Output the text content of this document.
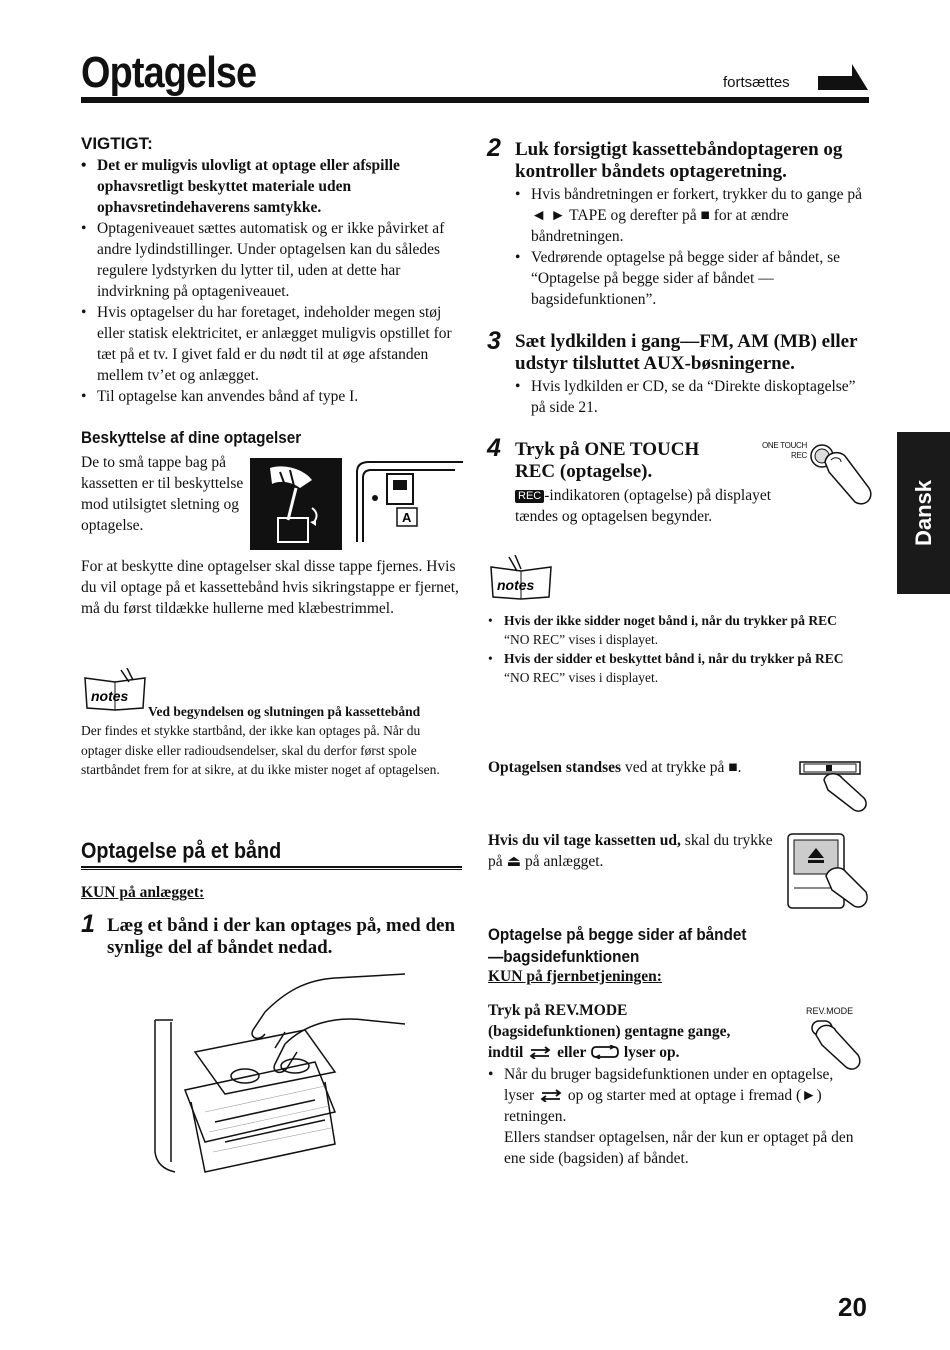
Optagelse	fortsættes
Dansk
VIGTIGT:
• Det er muligvis ulovligt at optage eller afspille ophavsretligt beskyttet materiale uden ophavsretindehaverens samtykke.
• Optageniveauet sættes automatisk og er ikke påvirket af andre lydindstillinger. Under optagelsen kan du således regulere lydstyrken du lytter til, uden at dette har indvirkning på optageniveauet.
• Hvis optagelser du har foretaget, indeholder megen støj eller statisk elektricitet, er anlægget muligvis opstillet for tæt på et tv. I givet fald er du nødt til at øge afstanden mellem tv’et og anlægget.
• Til optagelse kan anvendes bånd af type I.
Beskyttelse af dine optagelser
De to små tappe bag på kassetten er til beskyttelse mod utilsigtet sletning og optagelse.
For at beskytte dine optagelser skal disse tappe fjernes. Hvis du vil optage på et kassettebånd hvis sikringstappe er fjernet, må du først tildække hullerne med klæbestrimmel.
A
notes
Ved begyndelsen og slutningen på kassettebånd
Der findes et stykke startbånd, der ikke kan optages på. Når du optager diske eller radioudsendelser, skal du derfor først spole startbåndet frem for at sikre, at du ikke mister noget af optagelsen.
Optagelse på et bånd
KUN på anlægget:
1 Læg et bånd i der kan optages på, med den synlige del af båndet nedad.
2 Luk forsigtigt kassettebåndoptageren og kontroller båndets optageretning.
• Hvis båndretningen er forkert, trykker du to gange på ◄ ► TAPE og derefter på ■ for at ændre båndretningen.
• Vedrørende optagelse på begge sider af båndet, se “Optagelse på begge sider af båndet —bagsidefunktionen”.
3 Sæt lydkilden i gang—FM, AM (MB) eller udstyr tilsluttet AUX-bøsningerne.
• Hvis lydkilden er CD, se da “Direkte diskoptagelse” på side 21.
4 Tryk på ONE TOUCH REC (optagelse).
REC -indikatoren (optagelse) på displayet tændes og optagelsen begynder.
ONE TOUCH
REC
notes
• Hvis der ikke sidder noget bånd i, når du trykker på REC
“NO REC” vises i displayet.
• Hvis der sidder et beskyttet bånd i, når du trykker på REC
“NO REC” vises i displayet.
Optagelsen standses ved at trykke på ■.
Hvis du vil tage kassetten ud, skal du trykke på ⏏ på anlægget.
Optagelse på begge sider af båndet
—bagsidefunktionen
KUN på fjernbetjeningen:
Tryk på REV.MODE
(bagsidefunktionen) gentagne gange,
indtil  eller  lyser op.
REV.MODE
• Når du bruger bagsidefunktionen under en optagelse, lyser  op og starter med at optage i fremad (►) retningen.
Ellers standser optagelsen, når der kun er optaget på den ene side (bagsiden) af båndet.
20
